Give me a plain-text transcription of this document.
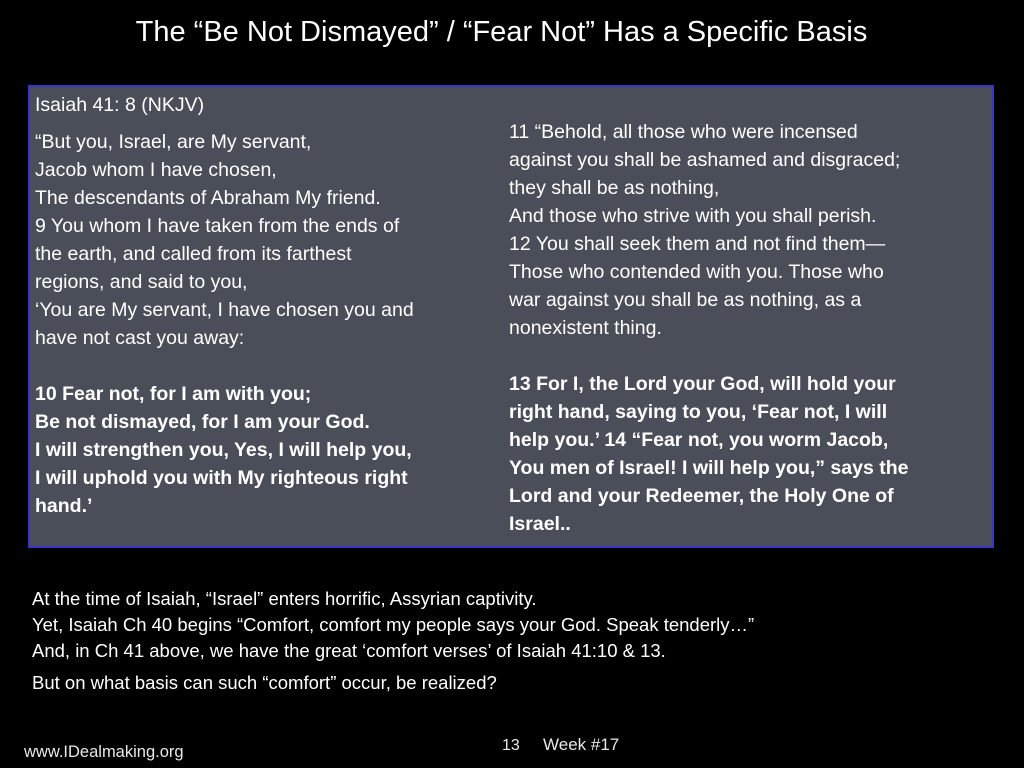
The “Be Not Dismayed” / “Fear Not” Has a Specific Basis
Isaiah 41: 8 (NKJV)
“But you, Israel, are My servant,
Jacob whom I have chosen,
The descendants of Abraham My friend.
9 You whom I have taken from the ends of
the earth, and called from its farthest
regions, and said to you,
‘You are My servant, I have chosen you and
have not cast you away:
10 Fear not, for I am with you;
Be not dismayed, for I am your God.
I will strengthen you, Yes, I will help you,
I will uphold you with My righteous right
hand.’
11 “Behold, all those who were incensed
against you shall be ashamed and disgraced;
they shall be as nothing,
And those who strive with you shall perish.
12 You shall seek them and not find them—
Those who contended with you. Those who
war against you shall be as nothing, as a
nonexistent thing.
13 For I, the Lord your God, will hold your
right hand, saying to you, ‘Fear not, I will
help you.’ 14 “Fear not, you worm Jacob,
You men of Israel! I will help you,” says the
Lord and your Redeemer, the Holy One of
Israel..
At the time of Isaiah, “Israel” enters horrific, Assyrian captivity.
Yet, Isaiah Ch 40 begins “Comfort, comfort my people says your God. Speak tenderly…”
And, in Ch 41 above, we have the great ‘comfort verses’ of Isaiah 41:10 & 13.
But on what basis can such “comfort” occur, be realized?
www.IDealmaking.org	13 Week #17
